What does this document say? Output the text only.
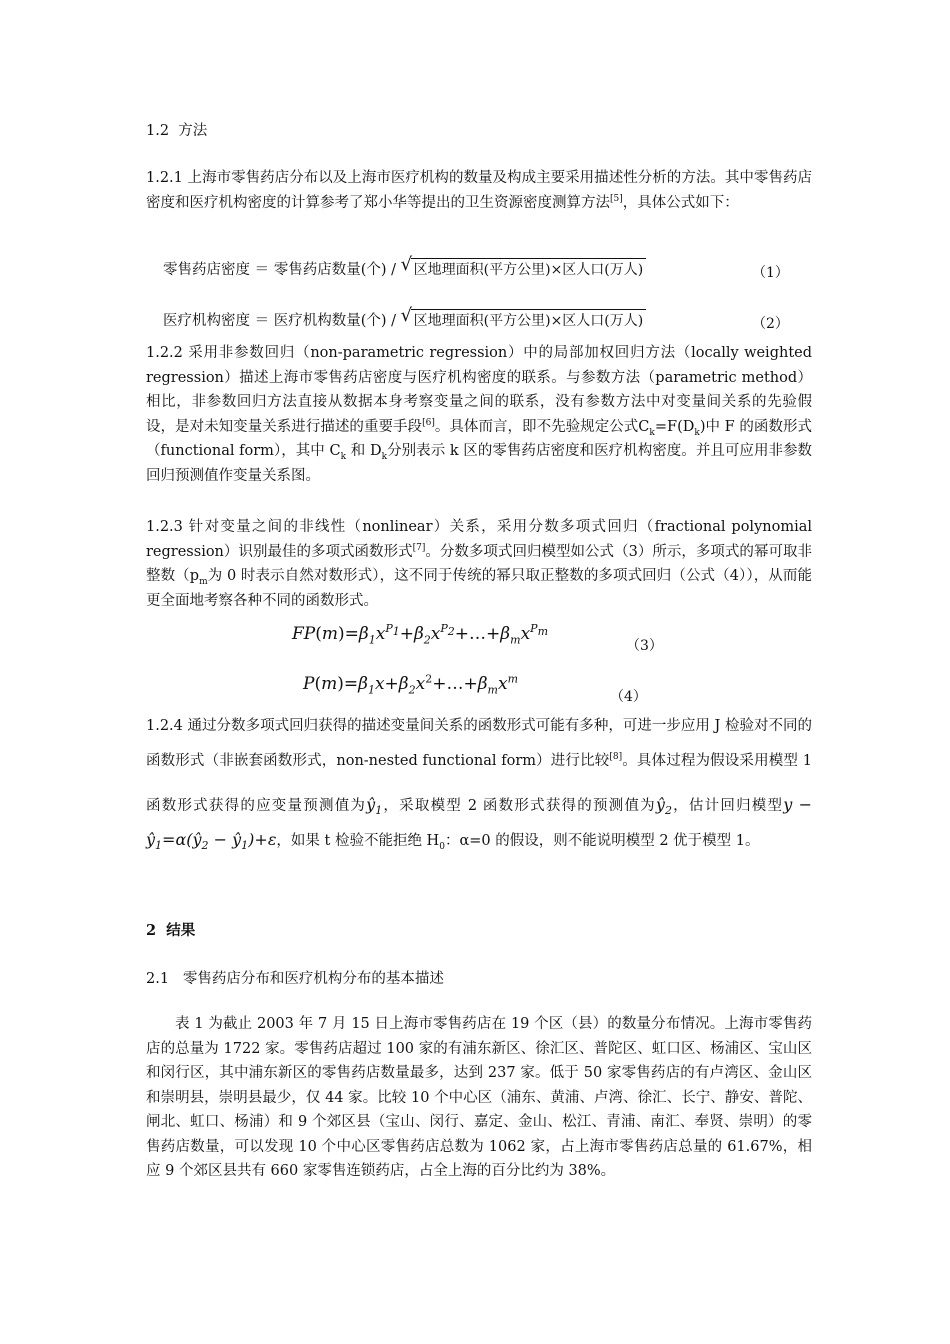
1.2 方法
1.2.1 上海市零售药店分布以及上海市医疗机构的数量及构成主要采用描述性分析的方法。其中零售药店密度和医疗机构密度的计算参考了郑小华等提出的卫生资源密度测算方法[5]，具体公式如下：
零售药店密度 ＝ 零售药店数量(个) / √ 区地理面积(平方公里)×区人口(万人)	（1）
医疗机构密度 ＝ 医疗机构数量(个) / √ 区地理面积(平方公里)×区人口(万人)	（2）
1.2.2 采用非参数回归（non-parametric regression）中的局部加权回归方法（locally weighted regression）描述上海市零售药店密度与医疗机构密度的联系。与参数方法（parametric method）相比，非参数回归方法直接从数据本身考察变量之间的联系，没有参数方法中对变量间关系的先验假设，是对未知变量关系进行描述的重要手段[6]。具体而言，即不先验规定公式$C_k=F(D_k)$中 F 的函数形式（functional form），其中 $C_k$ 和 $D_k$分别表示 k 区的零售药店密度和医疗机构密度。并且可应用非参数回归预测值作变量关系图。
1.2.3 针对变量之间的非线性（nonlinear）关系，采用分数多项式回归（fractional polynomial regression）识别最佳的多项式函数形式[7]。分数多项式回归模型如公式（3）所示，多项式的幂可取非整数（$p_m$为 0 时表示自然对数形式），这不同于传统的幂只取正整数的多项式回归（公式（4）），从而能更全面地考察各种不同的函数形式。
$FP(m)=\beta_1x^{P_1}+\beta_2x^{P_2}+\dots+\beta_mx^{P_m}$
（3）
$P(m)=\beta_1x+\beta_2x^2+\dots+\beta_mx^m$
（4）
1.2.4 通过分数多项式回归获得的描述变量间关系的函数形式可能有多种，可进一步应用 J 检验对不同的函数形式（非嵌套函数形式，non-nested functional form）进行比较[8]。具体过程为假设采用模型 1 函数形式获得的应变量预测值为$ŷ_1$，采取模型 2 函数形式获得的预测值为$ŷ_2$，估计回归模型$y - ŷ_1=\alpha(ŷ_2$ − $ŷ_1)+\varepsilon$，如果 t 检验不能拒绝 $H_0$：α=0 的假设，则不能说明模型 2 优于模型 1。
2 结果
2.1 零售药店分布和医疗机构分布的基本描述
表 1 为截止 2003 年 7 月 15 日上海市零售药店在 19 个区（县）的数量分布情况。上海市零售药店的总量为 1722 家。零售药店超过 100 家的有浦东新区、徐汇区、普陀区、虹口区、杨浦区、宝山区和闵行区，其中浦东新区的零售药店数量最多，达到 237 家。低于 50 家零售药店的有卢湾区、金山区和崇明县，崇明县最少，仅 44 家。比较 10 个中心区（浦东、黄浦、卢湾、徐汇、长宁、静安、普陀、闸北、虹口、杨浦）和 9 个郊区县（宝山、闵行、嘉定、金山、松江、青浦、南汇、奉贤、崇明）的零售药店数量，可以发现 10 个中心区零售药店总数为 1062 家，占上海市零售药店总量的 61.67%，相应 9 个郊区县共有 660 家零售连锁药店，占全上海的百分比约为 38%。
